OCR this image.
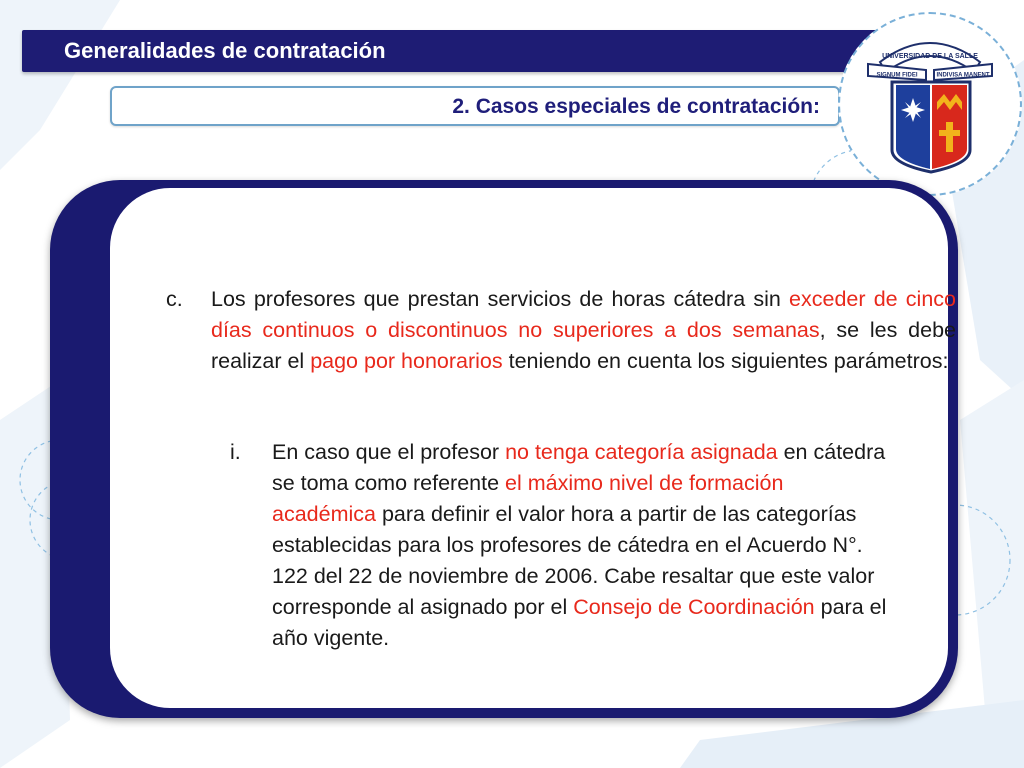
Generalidades de contratación
2. Casos especiales de contratación:
UNIVERSIDAD DE LA SALLE
SIGNUM FIDEI	INDIVISA MANENT
c. Los profesores que prestan servicios de horas cátedra sin exceder de cinco días continuos o discontinuos no superiores a dos semanas, se les debe realizar el pago por honorarios teniendo en cuenta los siguientes parámetros:
i. En caso que el profesor no tenga categoría asignada en cátedra se toma como referente el máximo nivel de formación académica para definir el valor hora a partir de las categorías establecidas para los profesores de cátedra en el Acuerdo N°. 122 del 22 de noviembre de 2006. Cabe resaltar que este valor corresponde al asignado por el Consejo de Coordinación para el año vigente.
